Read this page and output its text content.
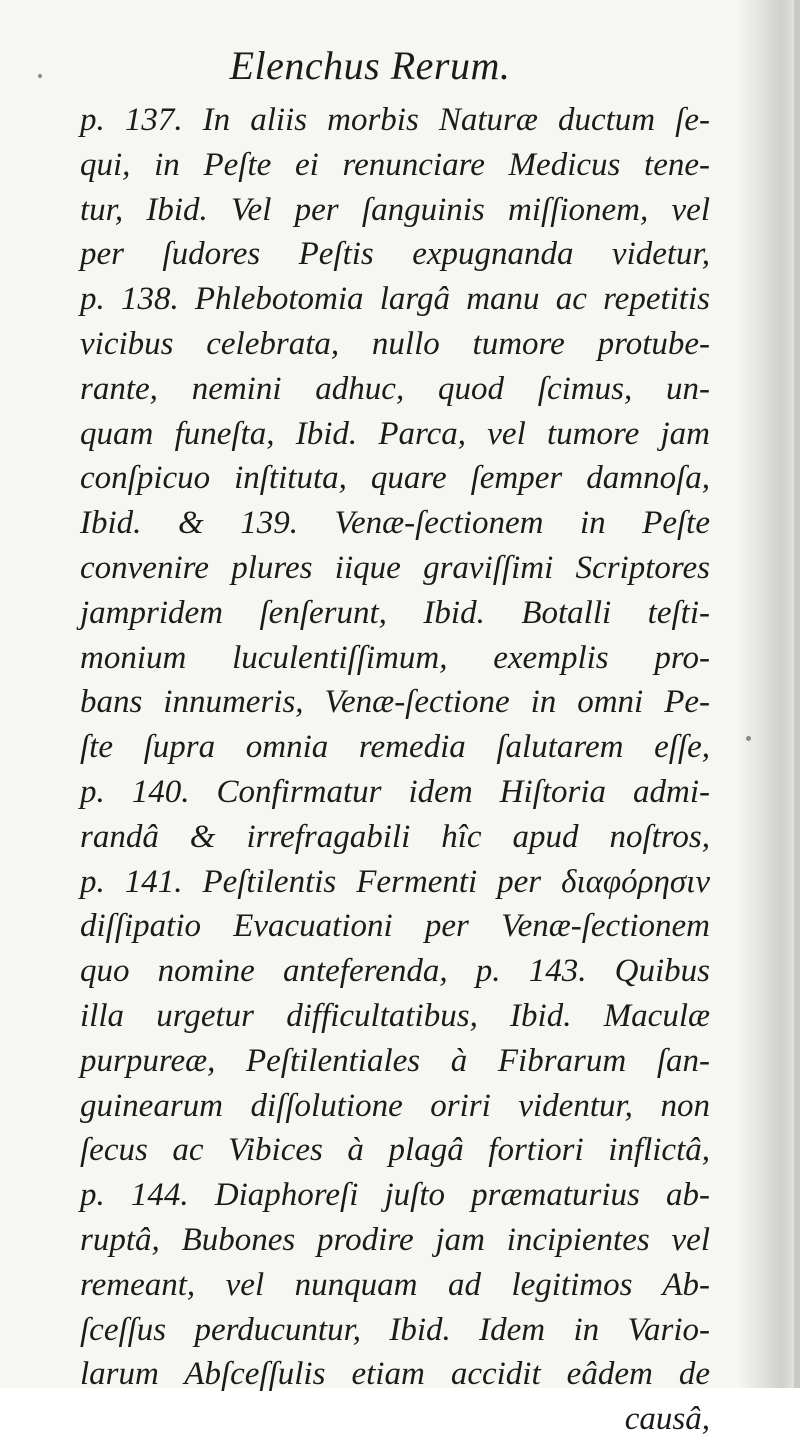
Elenchus Rerum.
p. 137. In aliis morbis Naturæ ductum ſe-
qui, in Peſte ei renunciare Medicus tene-
tur, Ibid. Vel per ſanguinis miſſionem, vel
per ſudores Peſtis expugnanda videtur,
p. 138. Phlebotomia largâ manu ac repetitis
vicibus celebrata, nullo tumore protube-
rante, nemini adhuc, quod ſcimus, un-
quam funeſta, Ibid. Parca, vel tumore jam
conſpicuo inſtituta, quare ſemper damnoſa,
Ibid. & 139. Venæ-ſectionem in Peſte
convenire plures iique graviſſimi Scriptores
jampridem ſenſerunt, Ibid. Botalli teſti-
monium luculentiſſimum, exemplis pro-
bans innumeris, Venæ-ſectione in omni Pe-
ſte ſupra omnia remedia ſalutarem eſſe,
p. 140. Confirmatur idem Hiſtoria admi-
randâ & irrefragabili hîc apud noſtros,
p. 141. Peſtilentis Fermenti per διαφόρησιν
diſſipatio Evacuationi per Venæ-ſectionem
quo nomine anteferenda, p. 143. Quibus
illa urgetur difficultatibus, Ibid. Maculæ
purpureæ, Peſtilentiales à Fibrarum ſan-
guinearum diſſolutione oriri videntur, non
ſecus ac Vibices à plagâ fortiori inflictâ,
p. 144. Diaphoreſi juſto præmaturius ab-
ruptâ, Bubones prodire jam incipientes vel
remeant, vel nunquam ad legitimos Ab-
ſceſſus perducuntur, Ibid. Idem in Vario-
larum Abſceſſulis etiam accidit eâdem de
causâ,
